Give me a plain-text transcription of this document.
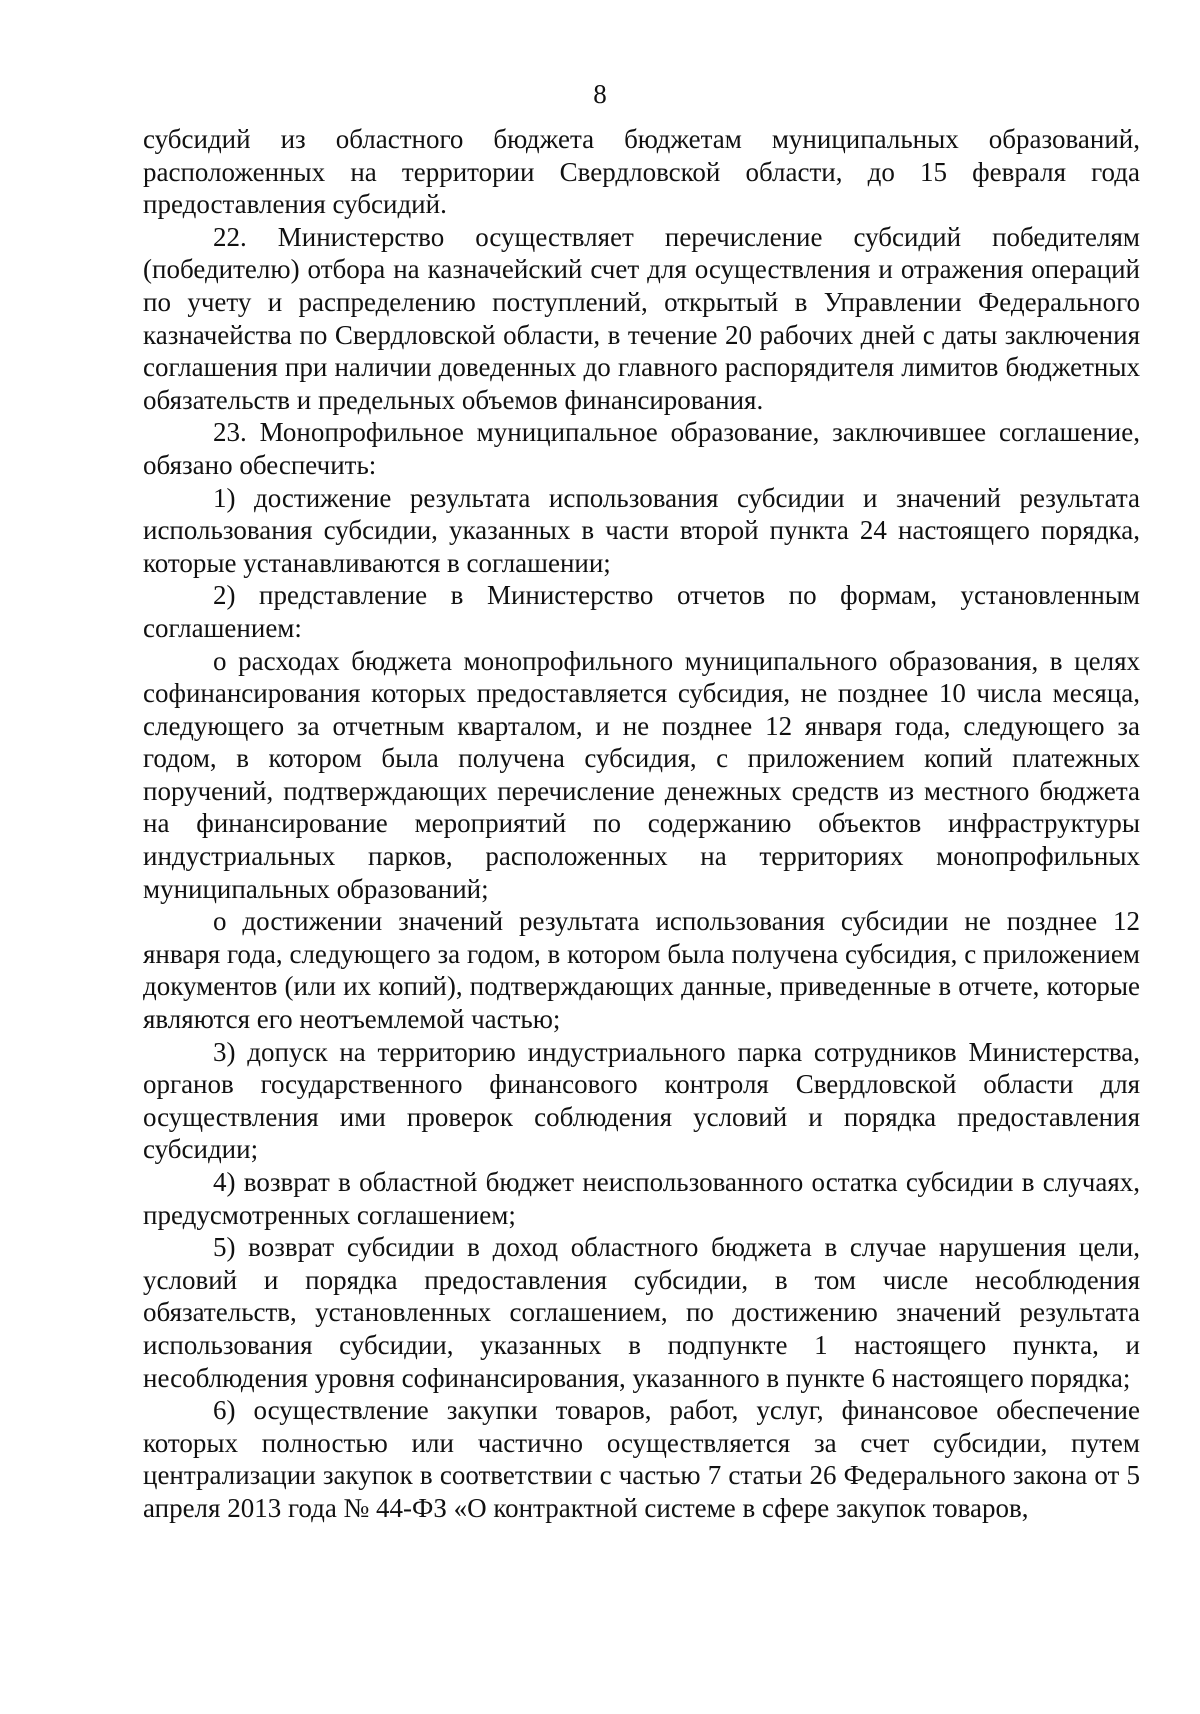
8

субсидий из областного бюджета бюджетам муниципальных образований, расположенных на территории Свердловской области, до 15 февраля года предоставления субсидий.

22. Министерство осуществляет перечисление субсидий победителям (победителю) отбора на казначейский счет для осуществления и отражения операций по учету и распределению поступлений, открытый в Управлении Федерального казначейства по Свердловской области, в течение 20 рабочих дней с даты заключения соглашения при наличии доведенных до главного распорядителя лимитов бюджетных обязательств и предельных объемов финансирования.

23. Монопрофильное муниципальное образование, заключившее соглашение, обязано обеспечить:

1) достижение результата использования субсидии и значений результата использования субсидии, указанных в части второй пункта 24 настоящего порядка, которые устанавливаются в соглашении;

2) представление в Министерство отчетов по формам, установленным соглашением:

о расходах бюджета монопрофильного муниципального образования, в целях софинансирования которых предоставляется субсидия, не позднее 10 числа месяца, следующего за отчетным кварталом, и не позднее 12 января года, следующего за годом, в котором была получена субсидия, с приложением копий платежных поручений, подтверждающих перечисление денежных средств из местного бюджета на финансирование мероприятий по содержанию объектов инфраструктуры индустриальных парков, расположенных на территориях монопрофильных муниципальных образований;

о достижении значений результата использования субсидии не позднее 12 января года, следующего за годом, в котором была получена субсидия, с приложением документов (или их копий), подтверждающих данные, приведенные в отчете, которые являются его неотъемлемой частью;

3) допуск на территорию индустриального парка сотрудников Министерства, органов государственного финансового контроля Свердловской области для осуществления ими проверок соблюдения условий и порядка предоставления субсидии;

4) возврат в областной бюджет неиспользованного остатка субсидии в случаях, предусмотренных соглашением;

5) возврат субсидии в доход областного бюджета в случае нарушения цели, условий и порядка предоставления субсидии, в том числе несоблюдения обязательств, установленных соглашением, по достижению значений результата использования субсидии, указанных в подпункте 1 настоящего пункта, и несоблюдения уровня софинансирования, указанного в пункте 6 настоящего порядка;

6) осуществление закупки товаров, работ, услуг, финансовое обеспечение которых полностью или частично осуществляется за счет субсидии, путем централизации закупок в соответствии с частью 7 статьи 26 Федерального закона от 5 апреля 2013 года № 44-ФЗ «О контрактной системе в сфере закупок товаров,
